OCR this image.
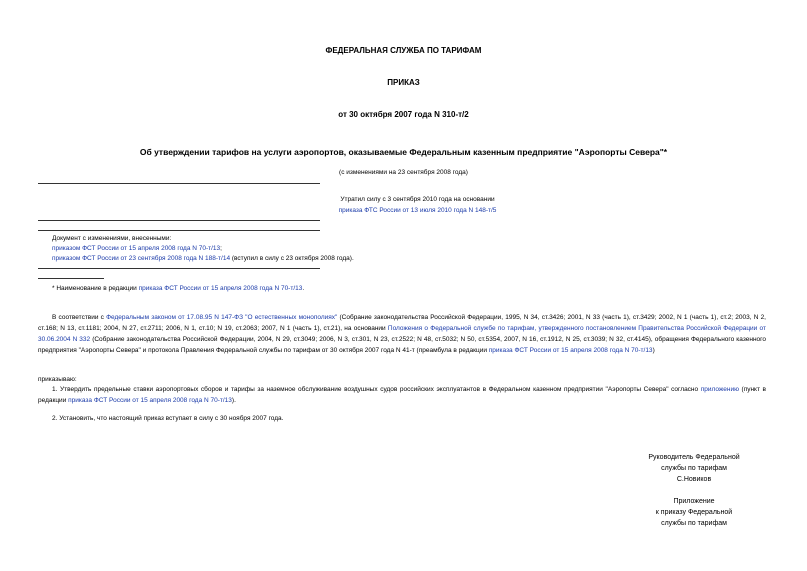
ФЕДЕРАЛЬНАЯ СЛУЖБА ПО ТАРИФАМ
ПРИКАЗ
от 30 октября 2007 года N 310-т/2
Об утверждении тарифов на услуги аэропортов, оказываемые Федеральным казенным предприятие "Аэропорты Севера"*
(с изменениями на 23 сентября 2008 года)
Утратил силу с 3 сентября 2010 года на основании
приказа ФТС России от 13 июля 2010 года N 148-т/5
Документ с изменениями, внесенными:
приказом ФСТ России от 15 апреля 2008 года N 70-т/13;
приказом ФСТ России от 23 сентября 2008 года N 188-т/14 (вступил в силу с 23 октября 2008 года).
* Наименование в редакции приказа ФСТ России от 15 апреля 2008 года N 70-т/13.
В соответствии с Федеральным законом от 17.08.95 N 147-ФЗ "О естественных монополиях" (Собрание законодательства Российской Федерации, 1995, N 34, ст.3426; 2001, N 33 (часть 1), ст.3429; 2002, N 1 (часть 1), ст.2; 2003, N 2, ст.168; N 13, ст.1181; 2004, N 27, ст.2711; 2006, N 1, ст.10; N 19, ст.2063; 2007, N 1 (часть 1), ст.21), на основании Положения о Федеральной службе по тарифам, утвержденного постановлением Правительства Российской Федерации от 30.06.2004 N 332 (Собрание законодательства Российской Федерации, 2004, N 29, ст.3049; 2006, N 3, ст.301, N 23, ст.2522; N 48, ст.5032; N 50, ст.5354, 2007, N 16, ст.1912, N 25, ст.3039; N 32, ст.4145), обращения Федерального казенного предприятия "Аэропорты Севера" и протокола Правления Федеральной службы по тарифам от 30 октября 2007 года N 41-т (преамбула в редакции приказа ФСТ России от 15 апреля 2008 года N 70-т/13)
приказываю:
1. Утвердить предельные ставки аэропортовых сборов и тарифы за наземное обслуживание воздушных судов российских эксплуатантов в Федеральном казенном предприятии "Аэропорты Севера" согласно приложению (пункт в редакции приказа ФСТ России от 15 апреля 2008 года N 70-т/13).
2. Установить, что настоящий приказ вступает в силу с 30 ноября 2007 года.
Руководитель Федеральной
службы по тарифам
С.Новиков
Приложение
к приказу Федеральной
службы по тарифам
